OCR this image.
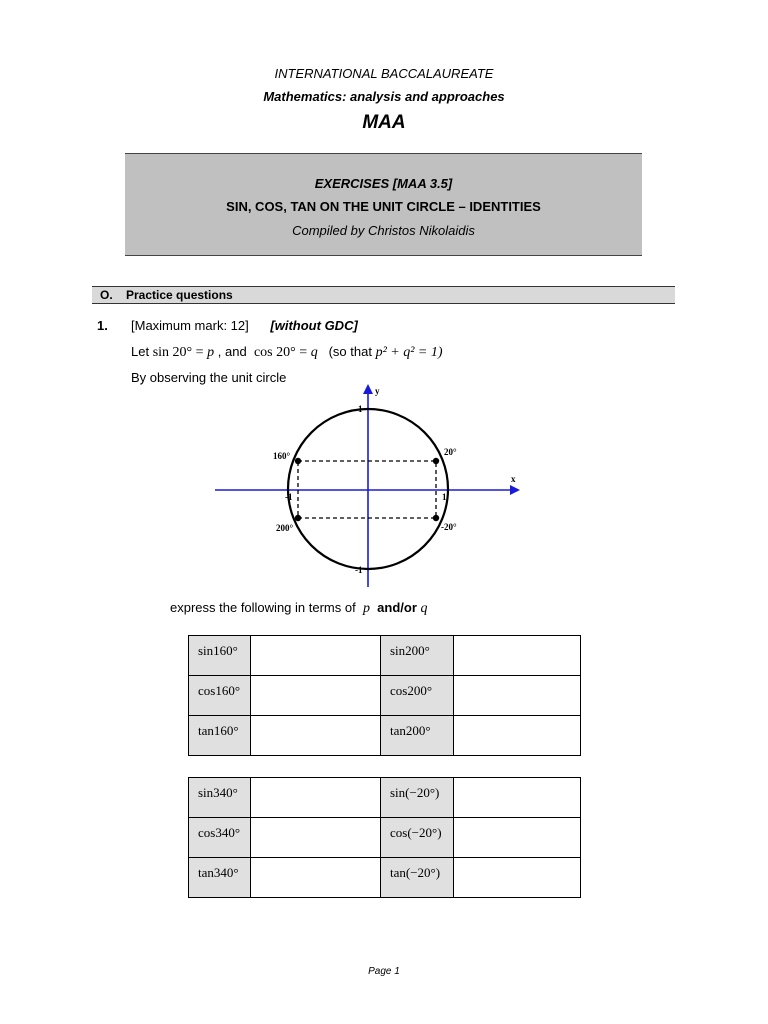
INTERNATIONAL BACCALAUREATE
Mathematics: analysis and approaches
MAA
EXERCISES [MAA 3.5]
SIN, COS, TAN ON THE UNIT CIRCLE – IDENTITIES
Compiled by Christos Nikolaidis
O. Practice questions
1. [Maximum mark: 12] [without GDC]
Let sin 20° = p , and cos 20° = q (so that p² + q² = 1)
By observing the unit circle
y
x
1
-1
1
-1
20°
160°
200°	-20°
express the following in terms of p and/or q
sin160°		sin200°	
cos160°		cos200°	
tan160°		tan200°	
sin340°		sin(−20°)	
cos340°		cos(−20°)	
tan340°		tan(−20°)	
Page 1
